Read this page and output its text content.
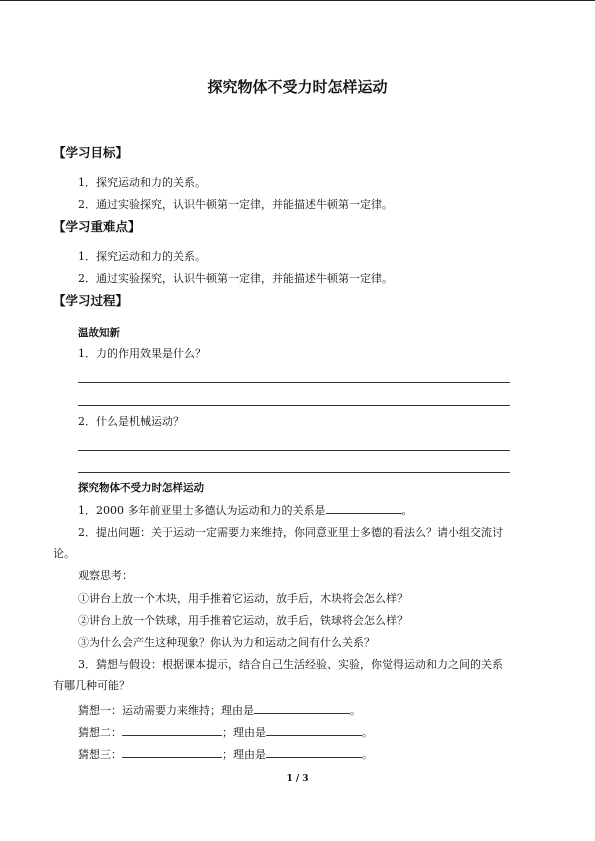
探究物体不受力时怎样运动
【学习目标】
1．探究运动和力的关系。
2．通过实验探究，认识牛顿第一定律，并能描述牛顿第一定律。
【学习重难点】
1．探究运动和力的关系。
2．通过实验探究，认识牛顿第一定律，并能描述牛顿第一定律。
【学习过程】
温故知新
1．力的作用效果是什么？
2．什么是机械运动？
探究物体不受力时怎样运动
1．2000 多年前亚里士多德认为运动和力的关系是	。
2．提出问题：关于运动一定需要力来维持，你同意亚里士多德的看法么？请小组交流讨
论。
观察思考：
①讲台上放一个木块，用手推着它运动，放手后，木块将会怎么样？
②讲台上放一个铁球，用手推着它运动，放手后，铁球将会怎么样？
③为什么会产生这种现象？你认为力和运动之间有什么关系？
3．猜想与假设：根据课本提示，结合自己生活经验、实验，你觉得运动和力之间的关系
有哪几种可能？
猜想一：运动需要力来维持；理由是	。
猜想二：	；理由是	。
猜想三：	；理由是	。
1 / 3
